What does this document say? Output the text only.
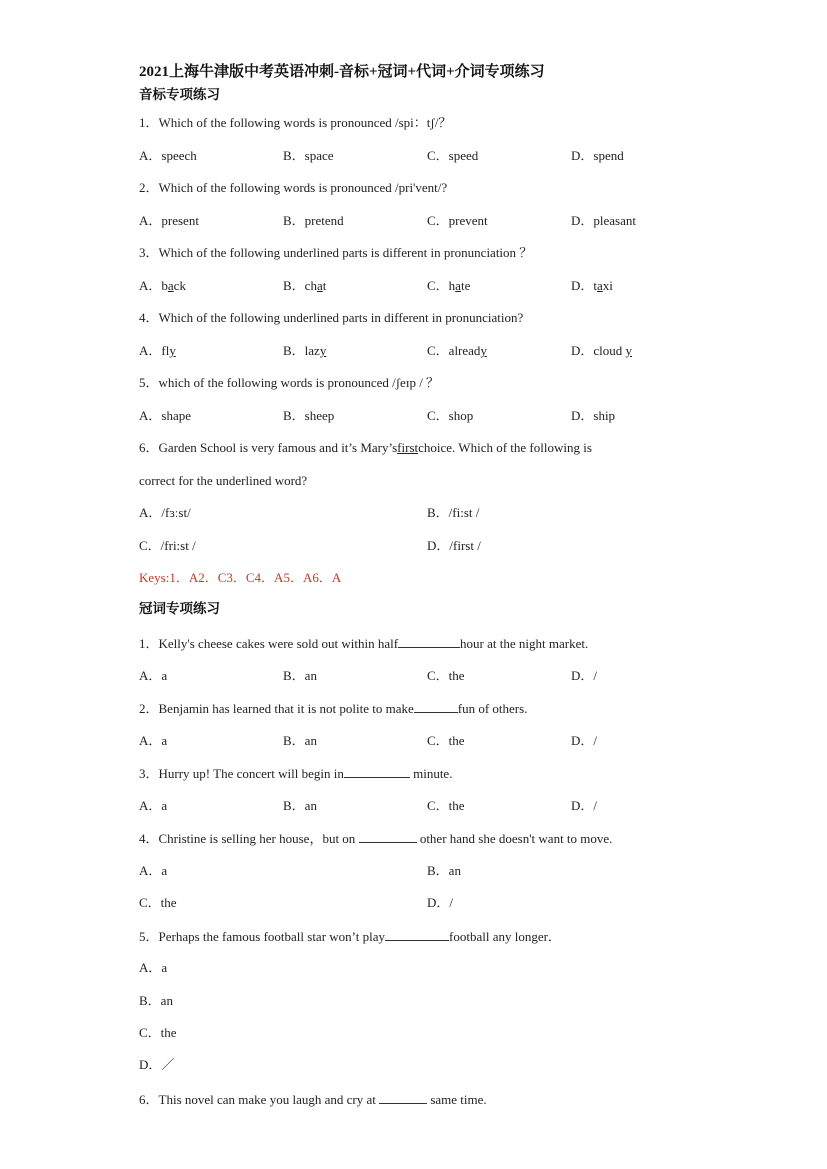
2021上海牛津版中考英语冲刺-音标+冠词+代词+介词专项练习
音标专项练习
1．Which of the following words is pronounced /spi：tʃ/？
A．speech	B．space	C．speed	D．spend
2．Which of the following words is pronounced /pri'vent/?
A．present	B．pretend	C．prevent	D．pleasant
3．Which of the following underlined parts is different in pronunciation ？
A．back	B．chat	C．hate	D．taxi
4．Which of the following underlined parts in different in pronunciation?
A．fly	B．lazy	C．already	D．cloud y
5．which of the following words is pronounced /ʃeɪp / ？
A．shape	B．sheep	C．shop	D．ship
6．Garden School is very famous and it’s Mary’sfirstchoice. Which of the following is
correct for the underlined word?
A．/fɜːst/	B．/fi:st /
C．/fri:st /	D．/first /
Keys:1．A2．C3．C4．A5．A6．A
冠词专项练习
1．Kelly's cheese cakes were sold out within half	hour at the night market.
A．a	B．an	C．the	D．/
2．Benjamin has learned that it is not polite to make	fun of others.
A．a	B．an	C．the	D．/
3．Hurry up! The concert will begin in	minute.
A．a	B．an	C．the	D．/
4．Christine is selling her house，but on	other hand she doesn't want to move.
A．a	B．an
C．the	D．/
5．Perhaps the famous football star won’t play	football any longer．
A．a
B．an
C．the
D．／
6．This novel can make you laugh and cry at	same time.
